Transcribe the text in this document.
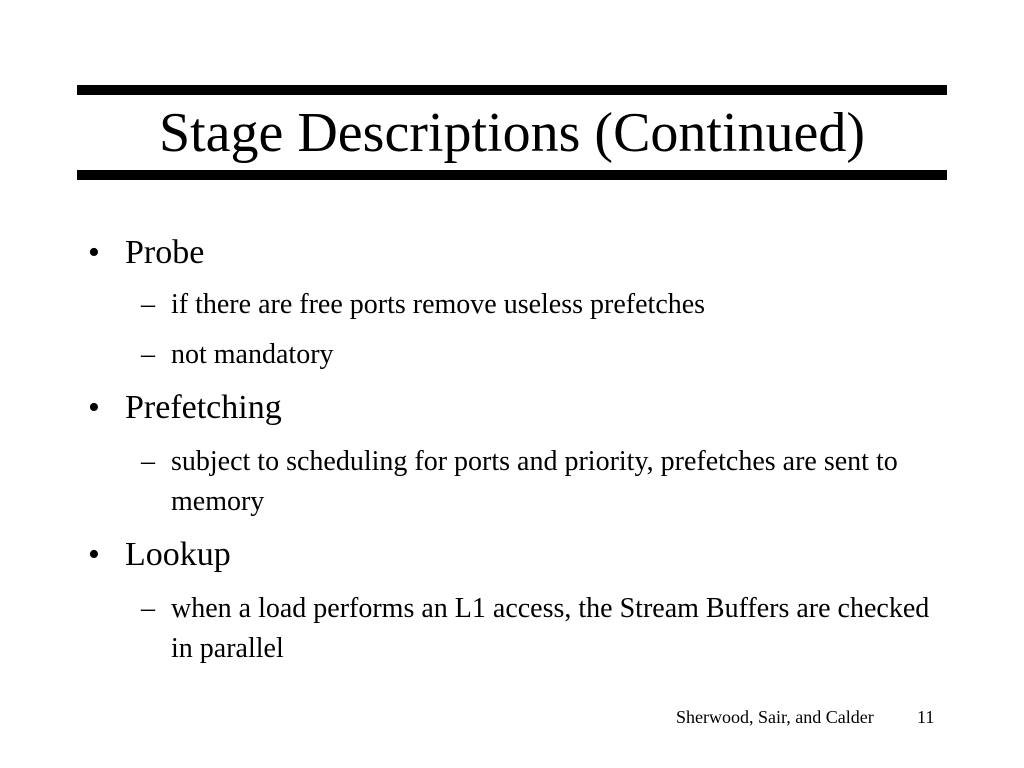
Stage Descriptions (Continued)
• Probe
– if there are free ports remove useless prefetches
– not mandatory
• Prefetching
– subject to scheduling for ports and priority, prefetches are sent to memory
• Lookup
– when a load performs an L1 access, the Stream Buffers are checked in parallel
Sherwood, Sair, and Calder 11
